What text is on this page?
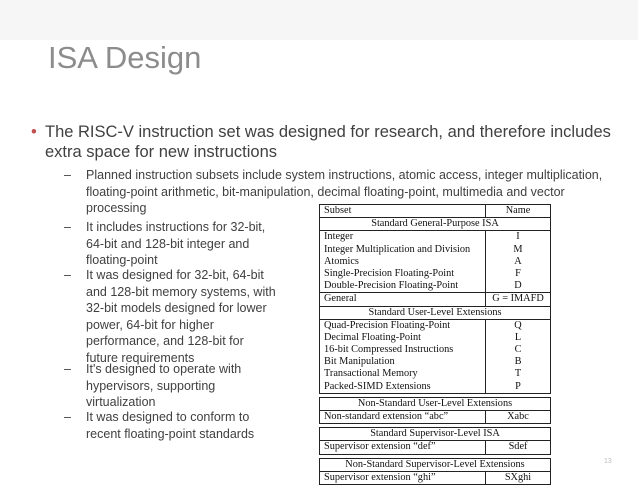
ISA Design
• The RISC-V instruction set was designed for research, and therefore includes extra space for new instructions
– Planned instruction subsets include system instructions, atomic access, integer multiplication, floating-point arithmetic, bit-manipulation, decimal floating-point, multimedia and vector processing
– It includes instructions for 32-bit, 64-bit and 128-bit integer and floating-point
– It was designed for 32-bit, 64-bit and 128-bit memory systems, with 32-bit models designed for lower power, 64-bit for higher performance, and 128-bit for future requirements
– It's designed to operate with hypervisors, supporting virtualization
– It was designed to conform to recent floating-point standards
Subset	Name
Standard General-Purpose ISA
Integer	I
Integer Multiplication and Division	M
Atomics	A
Single-Precision Floating-Point	F
Double-Precision Floating-Point	D
General	G = IMAFD
Standard User-Level Extensions
Quad-Precision Floating-Point	Q
Decimal Floating-Point	L
16-bit Compressed Instructions	C
Bit Manipulation	B
Transactional Memory	T
Packed-SIMD Extensions	P
Non-Standard User-Level Extensions
Non-standard extension “abc”	Xabc
Standard Supervisor-Level ISA
Supervisor extension “def”	Sdef
Non-Standard Supervisor-Level Extensions
Supervisor extension “ghi”	SXghi
13
